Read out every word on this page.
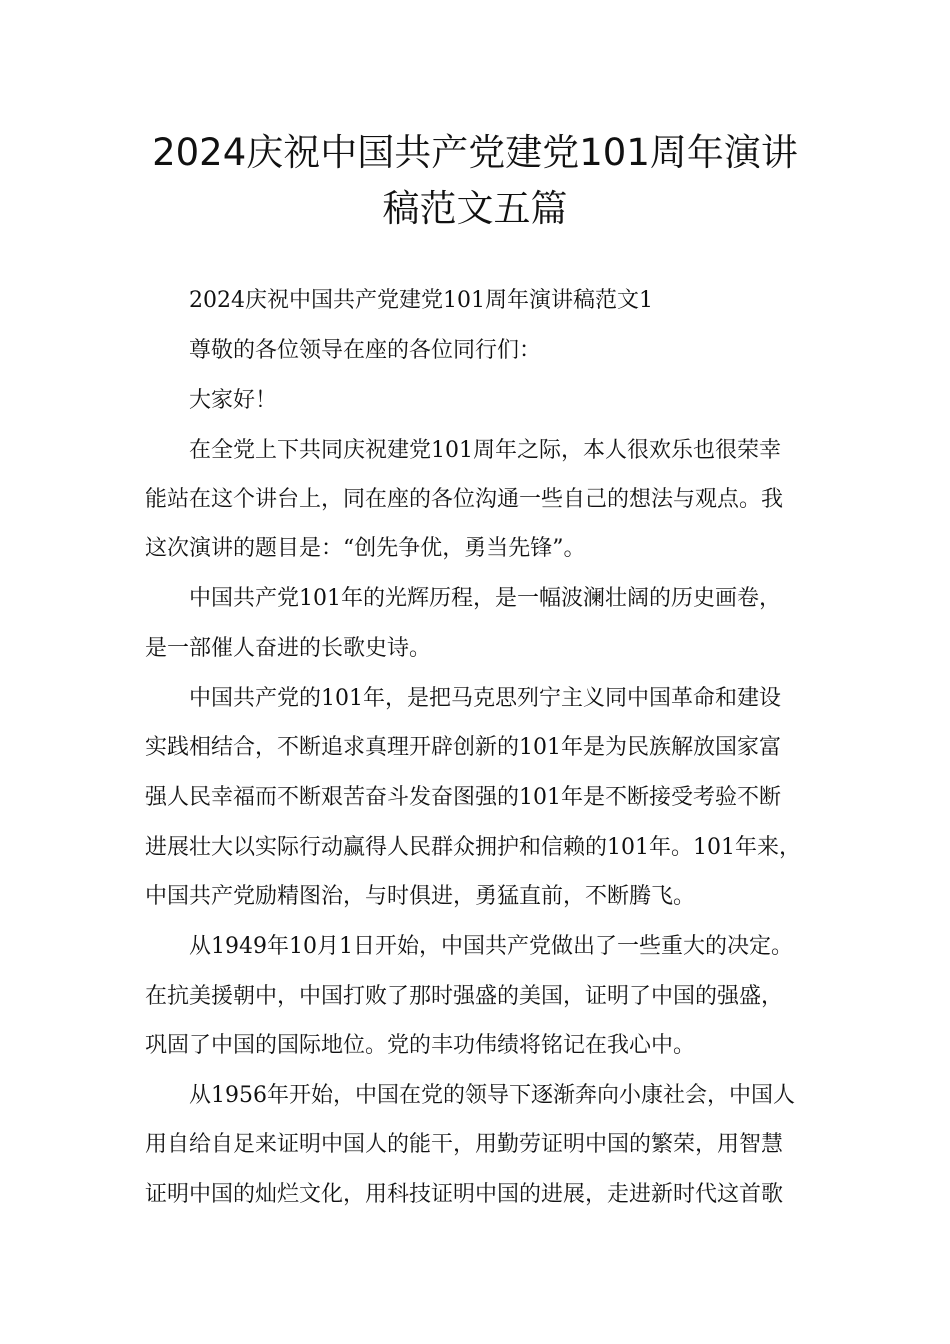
2024庆祝中国共产党建党101周年演讲
稿范文五篇

2024庆祝中国共产党建党101周年演讲稿范文1

尊敬的各位领导在座的各位同行们：

大家好！

在全党上下共同庆祝建党101周年之际，本人很欢乐也很荣幸

能站在这个讲台上，同在座的各位沟通一些自己的想法与观点。我

这次演讲的题目是：“创先争优，勇当先锋”。

中国共产党101年的光辉历程，是一幅波澜壮阔的历史画卷，

是一部催人奋进的长歌史诗。

中国共产党的101年，是把马克思列宁主义同中国革命和建设

实践相结合，不断追求真理开辟创新的101年是为民族解放国家富

强人民幸福而不断艰苦奋斗发奋图强的101年是不断接受考验不断

进展壮大以实际行动赢得人民群众拥护和信赖的101年。101年来，

中国共产党励精图治，与时俱进，勇猛直前，不断腾飞。

从1949年10月1日开始，中国共产党做出了一些重大的决定。

在抗美援朝中，中国打败了那时强盛的美国，证明了中国的强盛，

巩固了中国的国际地位。党的丰功伟绩将铭记在我心中。

从1956年开始，中国在党的领导下逐渐奔向小康社会，中国人

用自给自足来证明中国人的能干，用勤劳证明中国的繁荣，用智慧

证明中国的灿烂文化，用科技证明中国的进展，走进新时代这首歌
